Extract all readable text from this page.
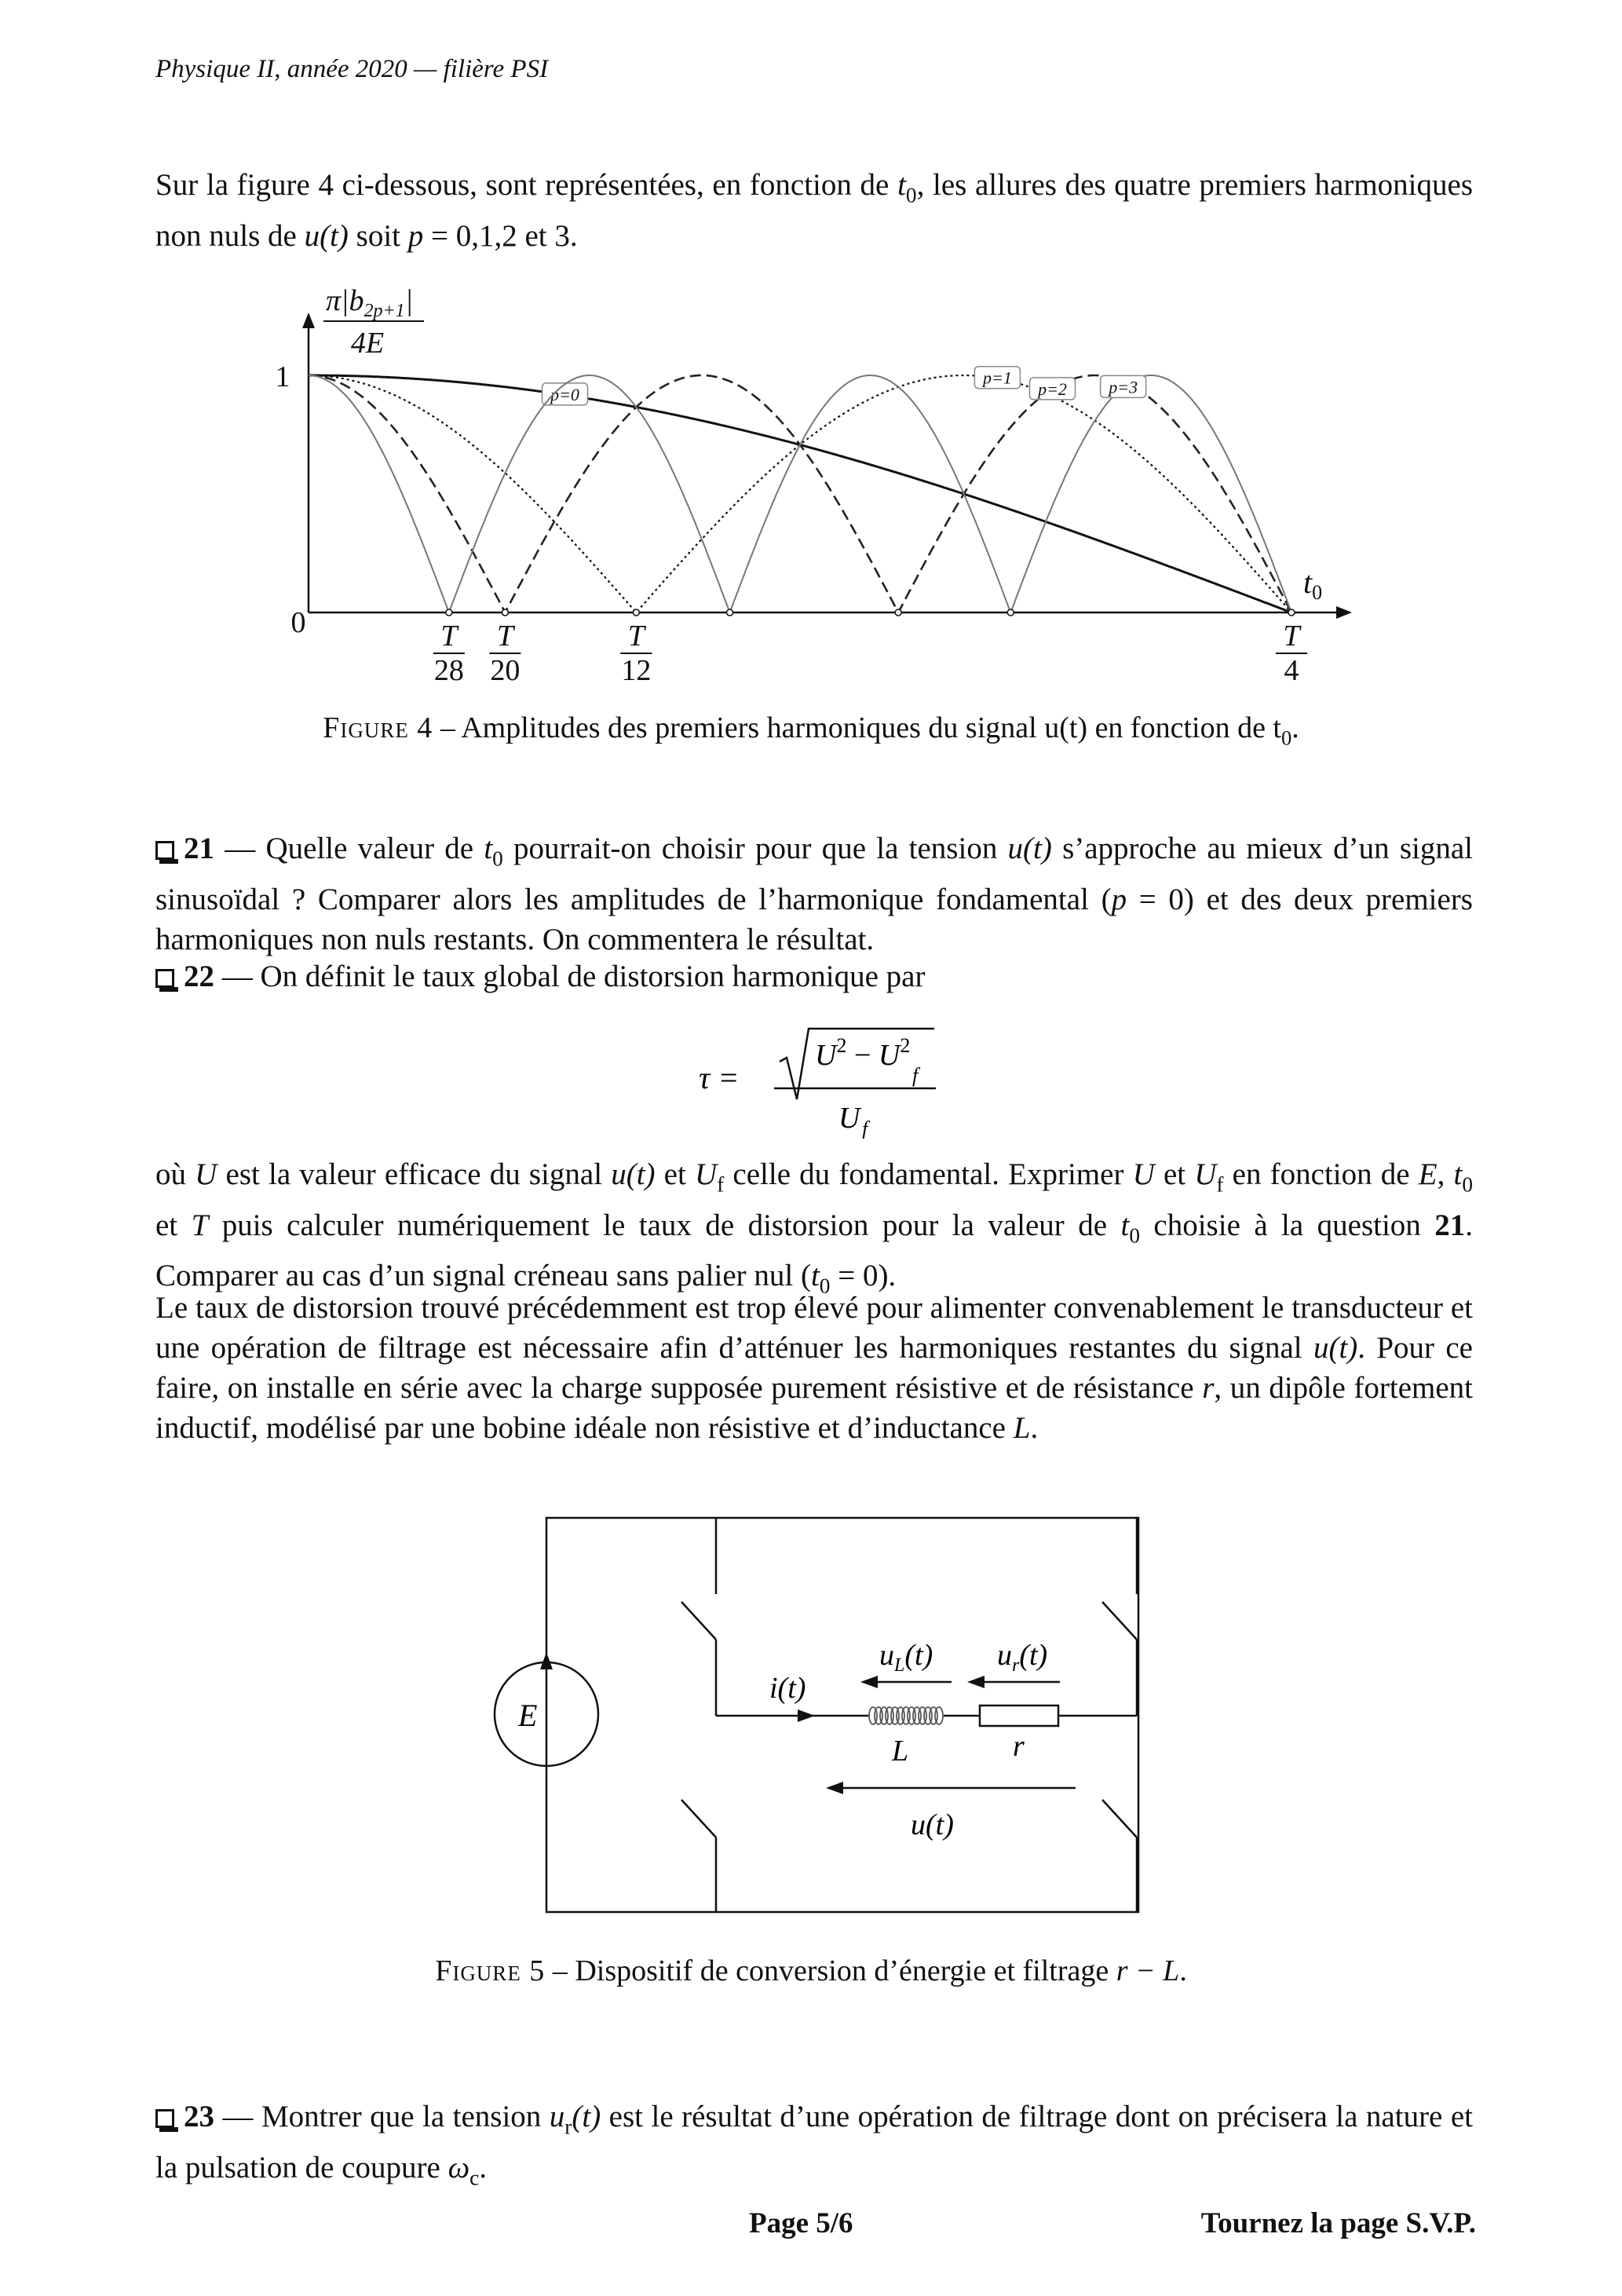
Physique II, année 2020 — filière PSI
Sur la figure 4 ci-dessous, sont représentées, en fonction de $t_0$, les allures des quatre premiers harmoniques non nuls de u(t) soit p = 0,1,2 et 3.
p=0
p=1
p=2 p=3
1
0
$\pi|b_{2p+1}|$
4E
$t_0$
T
28
T
20
T
12
T
4
Figure 4 – Amplitudes des premiers harmoniques du signal u(t) en fonction de $t_0$.
21 — Quelle valeur de $t_0$ pourrait-on choisir pour que la tension u(t) s’approche au mieux d’un signal sinusoïdal ? Comparer alors les amplitudes de l’harmonique fondamental (p = 0) et des deux premiers harmoniques non nuls restants. On commentera le résultat.
22 — On définit le taux global de distorsion harmonique par
τ =
$U^2 - U^2$
f
U f
où U est la valeur efficace du signal u(t) et $U_f$ celle du fondamental. Exprimer U et $U_f$ en fonction de E, $t_0$ et T puis calculer numériquement le taux de distorsion pour la valeur de $t_0$ choisie à la question 21. Comparer au cas d’un signal créneau sans palier nul $(t_0 = 0)$.
Le taux de distorsion trouvé précédemment est trop élevé pour alimenter convenablement le transducteur et une opération de filtrage est nécessaire afin d’atténuer les harmoniques restantes du signal u(t). Pour ce faire, on installe en série avec la charge supposée purement résistive et de résistance r, un dipôle fortement inductif, modélisé par une bobine idéale non résistive et d’inductance L.
E
i(t)
$u_L(t)$ $u_r(t)$
L	r
u(t)
Figure 5 – Dispositif de conversion d’énergie et filtrage r − L.
23 — Montrer que la tension $u_r(t)$ est le résultat d’une opération de filtrage dont on précisera la nature et la pulsation de coupure $\omega_c$.
Page 5/6	Tournez la page S.V.P.
